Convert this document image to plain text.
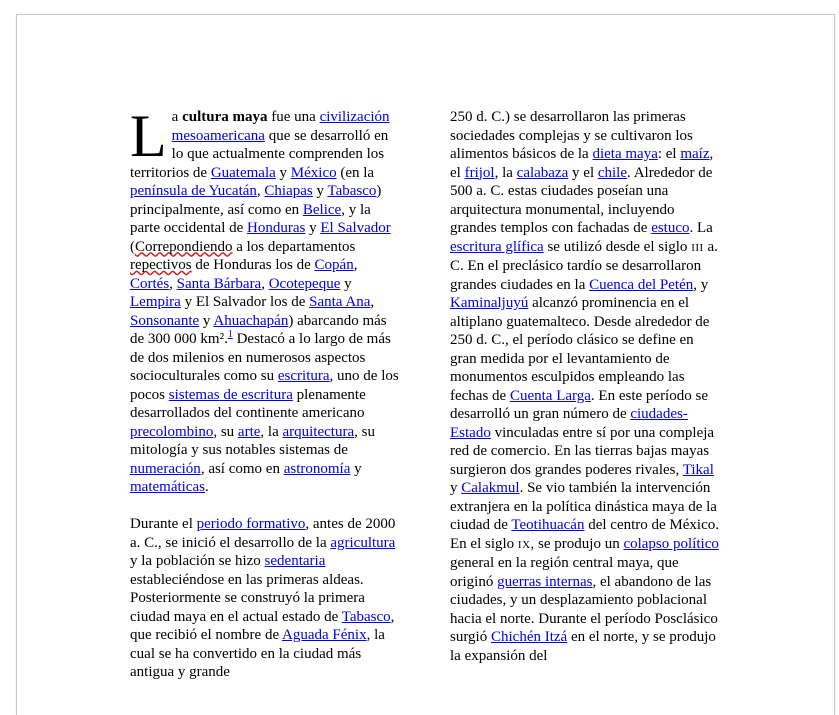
La cultura maya fue una civilización mesoamericana que se desarrolló en lo que actualmente comprenden los territorios de Guatemala y México (en la península de Yucatán, Chiapas y Tabasco) principalmente, así como en Belice, y la parte occidental de Honduras y El Salvador (Correpondiendo a los departamentos repectivos de Honduras los de Copán, Cortés, Santa Bárbara, Ocotepeque y Lempira y El Salvador los de Santa Ana, Sonsonante y Ahuachapán) abarcando más de 300 000 km².$^1$ Destacó a lo largo de más de dos milenios en numerosos aspectos socioculturales como su escritura, uno de los pocos sistemas de escritura plenamente desarrollados del continente americano precolombino, su arte, la arquitectura, su mitología y sus notables sistemas de numeración, así como en astronomía y matemáticas.

Durante el periodo formativo, antes de 2000 a. C., se inició el desarrollo de la agricultura y la población se hizo sedentaria estableciéndose en las primeras aldeas. Posteriormente se construyó la primera ciudad maya en el actual estado de Tabasco, que recibió el nombre de Aguada Fénix, la cual se ha convertido en la ciudad más antigua y grande

250 d. C.) se desarrollaron las primeras sociedades complejas y se cultivaron los alimentos básicos de la dieta maya: el maíz, el frijol, la calabaza y el chile. Alrededor de 500 a. C. estas ciudades poseían una arquitectura monumental, incluyendo grandes templos con fachadas de estuco. La escritura glífica se utilizó desde el siglo III a. C. En el preclásico tardío se desarrollaron grandes ciudades en la Cuenca del Petén, y Kaminaljuyú alcanzó prominencia en el altiplano guatemalteco. Desde alrededor de 250 d. C., el período clásico se define en gran medida por el levantamiento de monumentos esculpidos empleando las fechas de Cuenta Larga. En este período se desarrolló un gran número de ciudades-Estado vinculadas entre sí por una compleja red de comercio. En las tierras bajas mayas surgieron dos grandes poderes rivales, Tikal y Calakmul. Se vio también la intervención extranjera en la política dinástica maya de la ciudad de Teotihuacán del centro de México. En el siglo IX, se produjo un colapso político general en la región central maya, que originó guerras internas, el abandono de las ciudades, y un desplazamiento poblacional hacia el norte. Durante el período Posclásico surgió Chichén Itzá en el norte, y se produjo la expansión del
